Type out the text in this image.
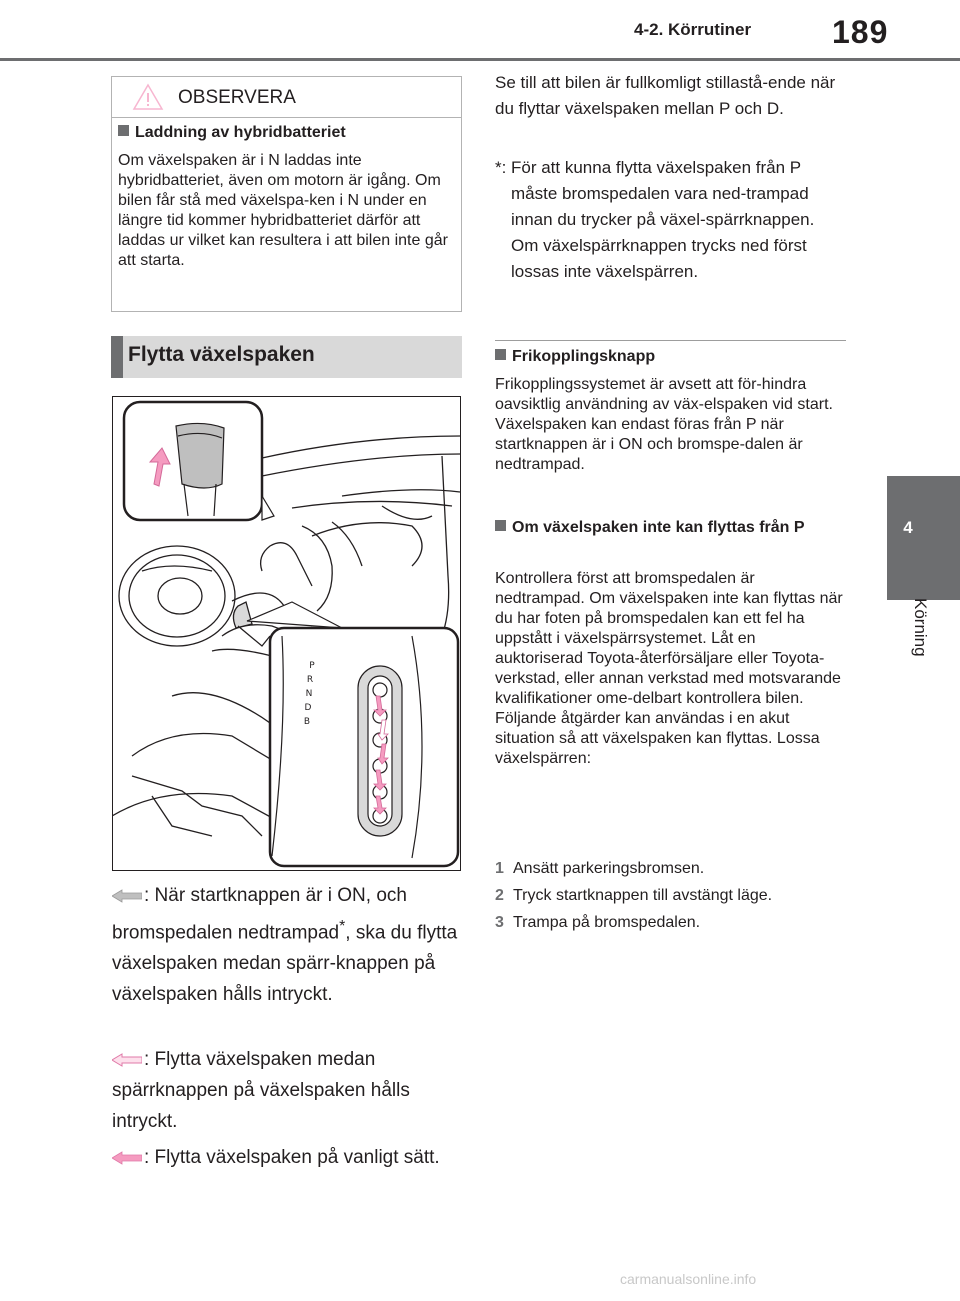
4-2. Körrutiner	189
4
Körning
OBSERVERA
Laddning av hybridbatteriet
Om växelspaken är i N laddas inte hybridbatteriet, även om motorn är igång. Om bilen får stå med växelspa-ken i N under en längre tid kommer hybridbatteriet därför att laddas ur vilket kan resultera i att bilen inte går att starta.
Flytta växelspaken
P
R
N
D
B
: När startknappen är i ON, och bromspedalen nedtrampad*, ska du flytta växelspaken medan spärr-knappen på växelspaken hålls intryckt.
: Flytta växelspaken medan spärrknappen på växelspaken hålls intryckt.
: Flytta växelspaken på vanligt sätt.
Se till att bilen är fullkomligt stillastå-ende när du flyttar växelspaken mellan P och D.
*: För att kunna flytta växelspaken från P måste bromspedalen vara ned-trampad innan du trycker på växel-spärrknappen. Om växelspärrknappen trycks ned först lossas inte växelspärren.
Frikopplingsknapp
Frikopplingssystemet är avsett att för-hindra oavsiktlig användning av väx-elspaken vid start. Växelspaken kan endast föras från P när startknappen är i ON och bromspe-dalen är nedtrampad.
Om växelspaken inte kan flyttas från P
Kontrollera först att bromspedalen är nedtrampad. Om växelspaken inte kan flyttas när du har foten på bromspedalen kan ett fel ha uppstått i växelspärrsystemet. Låt en auktoriserad Toyota-återförsäljare eller Toyota-verkstad, eller annan verkstad med motsvarande kvalifikationer ome-delbart kontrollera bilen. Följande åtgärder kan användas i en akut situation så att växelspaken kan flyttas. Lossa växelspärren:
1 Ansätt parkeringsbromsen.
2 Tryck startknappen till avstängt läge.
3 Trampa på bromspedalen.
carmanualsonline.info
